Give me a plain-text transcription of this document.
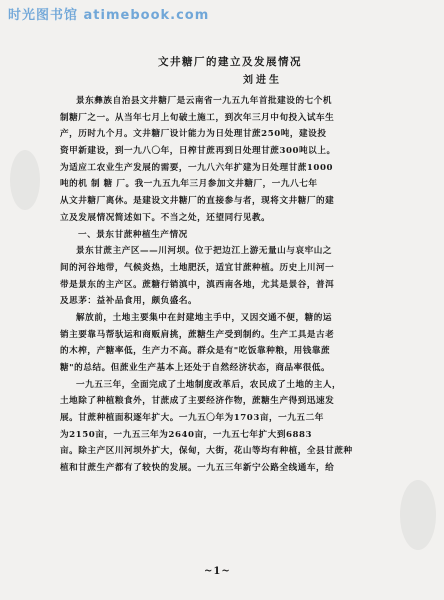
时光图书馆 atimebook.com
文井糖厂的建立及发展情况
刘进生
景东彝族自治县文井糖厂是云南省一九五九年首批建设的七个机
制糖厂之一。从当年七月上旬破土施工，到次年三月中旬投入试车生
产，历时九个月。文井糖厂设计能力为日处理甘蔗250吨，建设投
资甲新建设，到一九八〇年，日榨甘蔗再到日处理甘蔗300吨以上。
为适应工农业生产发展的需要，一九八六年扩建为日处理甘蔗1000
吨的机 制 糖 厂。我一九五九年三月参加文井糖厂，一九八七年
从文井糖厂离休。是建设文井糖厂的直接参与者，现将文井糖厂的建
立及发展情况简述如下。不当之处，还望同行见教。
一、景东甘蔗种植生产情况
景东甘蔗主产区——川河坝。位于把边江上游无量山与哀牢山之
间的河谷地带，气候炎热，土地肥沃，适宜甘蔗种植。历史上川河一
带是景东的主产区。蔗糖行销滇中，滇西南各地，尤其是景谷，普洱
及思茅：益补品食用，颇负盛名。
解放前，土地主要集中在封建地主手中，又因交通不便，糖的运
销主要靠马帮驮运和商贩肩挑，蔗糖生产受到制约。生产工具是古老
的木榨，产糖率低，生产力不高。群众是有"吃饭靠种粮，用钱靠蔗
糖"的总结。但蔗业生产基本上还处于自然经济状态，商品率很低。
一九五三年，全面完成了土地制度改革后，农民成了土地的主人，
土地除了种植粮食外，甘蔗成了主要经济作物，蔗糖生产得到迅速发
展。甘蔗种植面积逐年扩大。一九五〇年为1703亩，一九五二年
为2150亩，一九五三年为2640亩，一九五七年扩大到6883
亩。除主产区川河坝外扩大，保甸，大街，花山等均有种植，全县甘蔗种
植和甘蔗生产都有了较快的发展。一九五三年新宁公路全线通车，给
~1~
